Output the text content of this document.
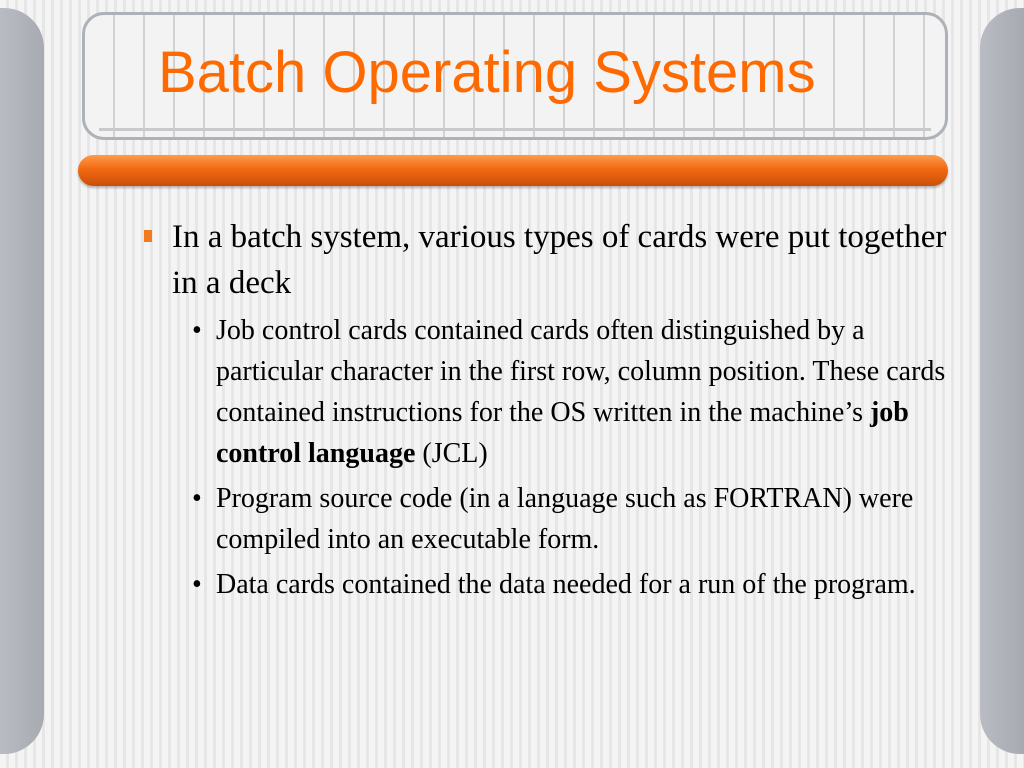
Batch Operating Systems
In a batch system, various types of cards were put together in a deck
• Job control cards contained cards often distinguished by a particular character in the first row, column position. These cards contained instructions for the OS written in the machine’s job control language (JCL)
• Program source code (in a language such as FORTRAN) were compiled into an executable form.
• Data cards contained the data needed for a run of the program.
